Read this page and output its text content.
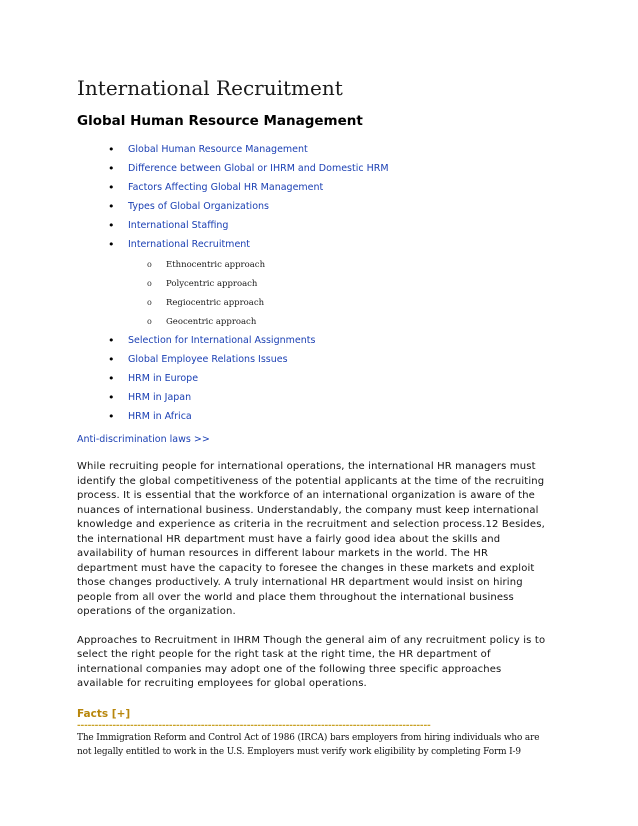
International Recruitment
Global Human Resource Management
• Global Human Resource Management
• Difference between Global or IHRM and Domestic HRM
• Factors Affecting Global HR Management
• Types of Global Organizations
• International Staffing
• International Recruitment
o Ethnocentric approach
o Polycentric approach
o Regiocentric approach
o Geocentric approach
• Selection for International Assignments
• Global Employee Relations Issues
• HRM in Europe
• HRM in Japan
• HRM in Africa
Anti-discrimination laws >>

While recruiting people for international operations, the international HR managers must identify the global competitiveness of the potential applicants at the time of the recruiting process. It is essential that the workforce of an international organization is aware of the nuances of international business. Understandably, the company must keep international knowledge and experience as criteria in the recruitment and selection process.12 Besides, the international HR department must have a fairly good idea about the skills and availability of human resources in different labour markets in the world. The HR department must have the capacity to foresee the changes in these markets and exploit those changes productively. A truly international HR department would insist on hiring people from all over the world and place them throughout the international business operations of the organization.

Approaches to Recruitment in IHRM Though the general aim of any recruitment policy is to select the right people for the right task at the right time, the HR department of international companies may adopt one of the following three specific approaches available for recruiting employees for global operations.

Facts [+]
----------------------------------------------------------------------------------------------------
The Immigration Reform and Control Act of 1986 (IRCA) bars employers from hiring individuals who are not legally entitled to work in the U.S. Employers must verify work eligibility by completing Form I-9
